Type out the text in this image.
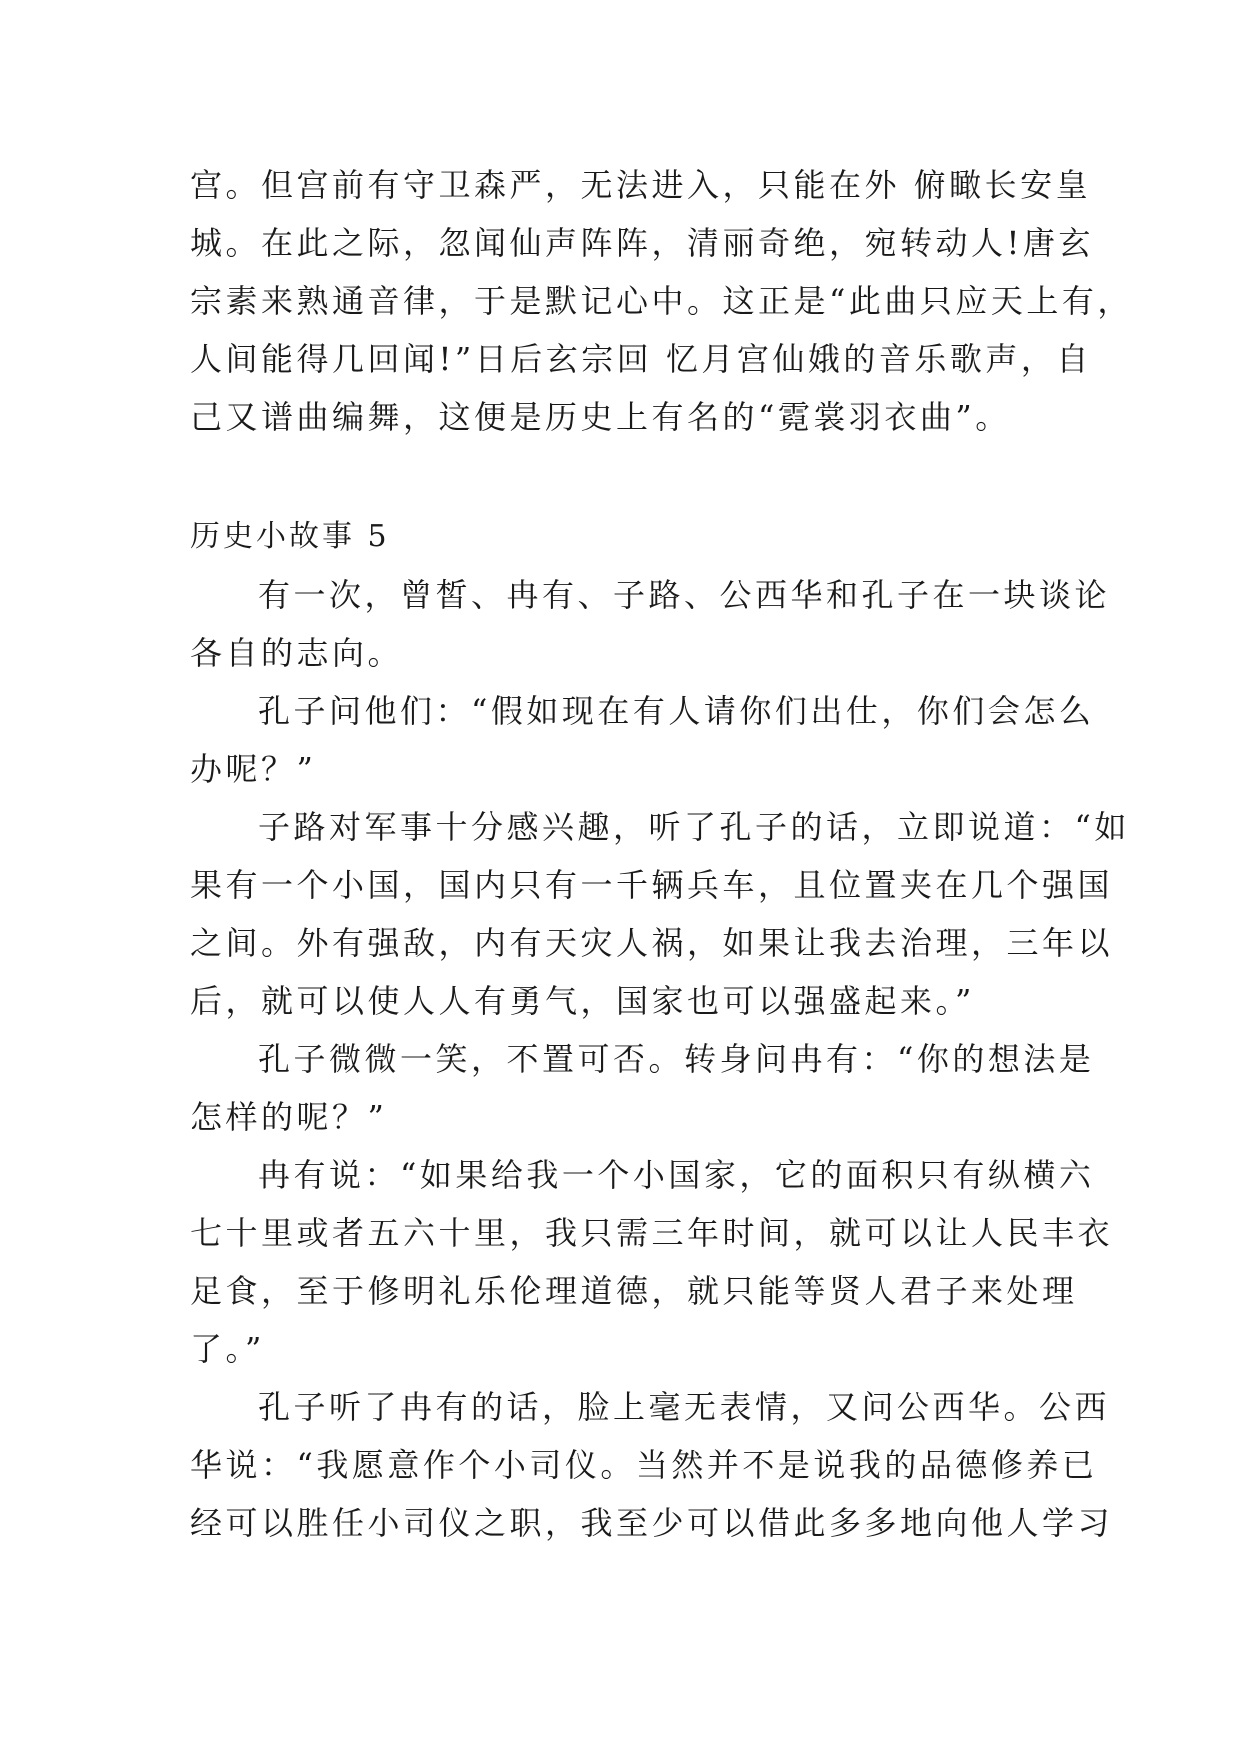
宫。但宫前有守卫森严，无法进入，只能在外 俯瞰长安皇
城。在此之际，忽闻仙声阵阵，清丽奇绝，宛转动人!唐玄
宗素来熟通音律，于是默记心中。这正是“此曲只应天上有，
人间能得几回闻!”日后玄宗回 忆月宫仙娥的音乐歌声，自
己又谱曲编舞，这便是历史上有名的“霓裳羽衣曲”。
历史小故事 5
有一次，曾皙、冉有、子路、公西华和孔子在一块谈论
各自的志向。
孔子问他们：“假如现在有人请你们出仕，你们会怎么
办呢？”
子路对军事十分感兴趣，听了孔子的话，立即说道：“如
果有一个小国，国内只有一千辆兵车，且位置夹在几个强国
之间。外有强敌，内有天灾人祸，如果让我去治理，三年以
后，就可以使人人有勇气，国家也可以强盛起来。”
孔子微微一笑，不置可否。转身问冉有：“你的想法是
怎样的呢？”
冉有说：“如果给我一个小国家，它的面积只有纵横六
七十里或者五六十里，我只需三年时间，就可以让人民丰衣
足食，至于修明礼乐伦理道德，就只能等贤人君子来处理
了。”
孔子听了冉有的话，脸上毫无表情，又问公西华。公西
华说：“我愿意作个小司仪。当然并不是说我的品德修养已
经可以胜任小司仪之职，我至少可以借此多多地向他人学习
